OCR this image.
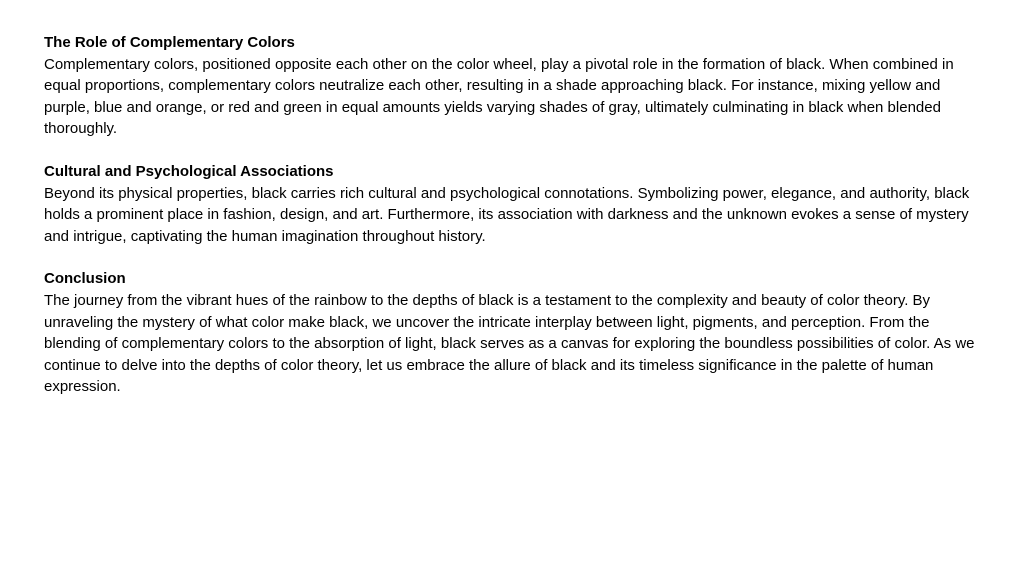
The Role of Complementary Colors

Complementary colors, positioned opposite each other on the color wheel, play a pivotal role in the formation of black. When combined in equal proportions, complementary colors neutralize each other, resulting in a shade approaching black. For instance, mixing yellow and purple, blue and orange, or red and green in equal amounts yields varying shades of gray, ultimately culminating in black when blended thoroughly.

Cultural and Psychological Associations

Beyond its physical properties, black carries rich cultural and psychological connotations. Symbolizing power, elegance, and authority, black holds a prominent place in fashion, design, and art. Furthermore, its association with darkness and the unknown evokes a sense of mystery and intrigue, captivating the human imagination throughout history.

Conclusion

The journey from the vibrant hues of the rainbow to the depths of black is a testament to the complexity and beauty of color theory. By unraveling the mystery of what color make black, we uncover the intricate interplay between light, pigments, and perception. From the blending of complementary colors to the absorption of light, black serves as a canvas for exploring the boundless possibilities of color. As we continue to delve into the depths of color theory, let us embrace the allure of black and its timeless significance in the palette of human expression.
